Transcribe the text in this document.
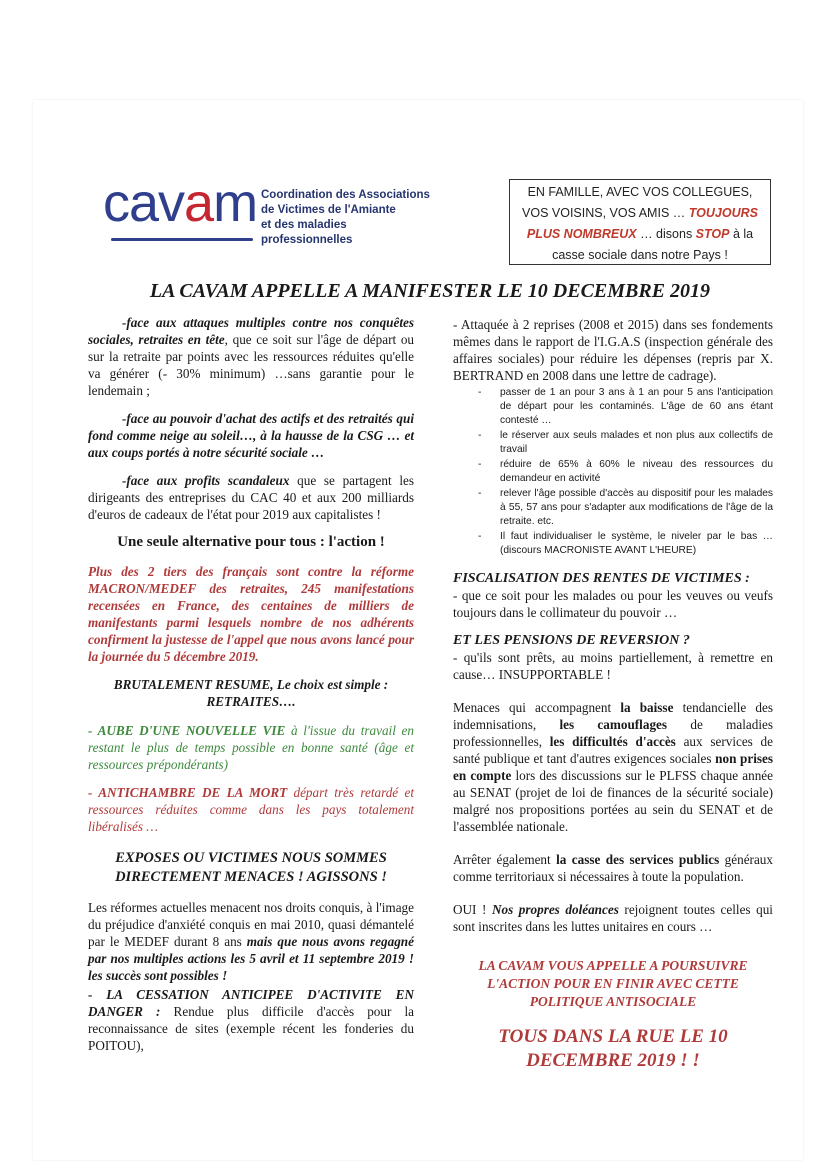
cavam Coordination des Associations
de Victimes de l'Amiante
et des maladies professionnelles
EN FAMILLE, AVEC VOS COLLEGUES, VOS VOISINS, VOS AMIS … TOUJOURS PLUS NOMBREUX … disons STOP à la casse sociale dans notre Pays !
LA CAVAM APPELLE A MANIFESTER LE 10 DECEMBRE 2019

-face aux attaques multiples contre nos conquêtes sociales, retraites en tête, que ce soit sur l'âge de départ ou sur la retraite par points avec les ressources réduites qu'elle va générer (- 30% minimum) …sans garantie pour le lendemain ;

-face au pouvoir d'achat des actifs et des retraités qui fond comme neige au soleil…, à la hausse de la CSG … et aux coups portés à notre sécurité sociale …

-face aux profits scandaleux que se partagent les dirigeants des entreprises du CAC 40 et aux 200 milliards d'euros de cadeaux de l'état pour 2019 aux capitalistes !

Une seule alternative pour tous : l'action !

Plus des 2 tiers des français sont contre la réforme MACRON/MEDEF des retraites, 245 manifestations recensées en France, des centaines de milliers de manifestants parmi lesquels nombre de nos adhérents confirment la justesse de l'appel que nous avons lancé pour la journée du 5 décembre 2019.

BRUTALEMENT RESUME, Le choix est simple :
RETRAITES….

- AUBE D'UNE NOUVELLE VIE à l'issue du travail en restant le plus de temps possible en bonne santé (âge et ressources prépondérants)

- ANTICHAMBRE DE LA MORT départ très retardé et ressources réduites comme dans les pays totalement libéralisés …

EXPOSES OU VICTIMES NOUS SOMMES
DIRECTEMENT MENACES ! AGISSONS !

Les réformes actuelles menacent nos droits conquis, à l'image du préjudice d'anxiété conquis en mai 2010, quasi démantelé par le MEDEF durant 8 ans mais que nous avons regagné par nos multiples actions les 5 avril et 11 septembre 2019 ! les succès sont possibles !

- LA CESSATION ANTICIPEE D'ACTIVITE EN DANGER : Rendue plus difficile d'accès pour la reconnaissance de sites (exemple récent les fonderies du POITOU),

- Attaquée à 2 reprises (2008 et 2015) dans ses fondements mêmes dans le rapport de l'I.G.A.S (inspection générale des affaires sociales) pour réduire les dépenses (repris par X. BERTRAND en 2008 dans une lettre de cadrage).

- passer de 1 an pour 3 ans à 1 an pour 5 ans l'anticipation de départ pour les contaminés. L'âge de 60 ans étant contesté …
- le réserver aux seuls malades et non plus aux collectifs de travail
- réduire de 65% à 60% le niveau des ressources du demandeur en activité
- relever l'âge possible d'accès au dispositif pour les malades à 55, 57 ans pour s'adapter aux modifications de l'âge de la retraite. etc.
- Il faut individualiser le système, le niveler par le bas … (discours MACRONISTE AVANT L'HEURE)
FISCALISATION DES RENTES DE VICTIMES :

- que ce soit pour les malades ou pour les veuves ou veufs toujours dans le collimateur du pouvoir …

ET LES PENSIONS DE REVERSION ?

- qu'ils sont prêts, au moins partiellement, à remettre en cause… INSUPPORTABLE !

Menaces qui accompagnent la baisse tendancielle des indemnisations, les camouflages de maladies professionnelles, les difficultés d'accès aux services de santé publique et tant d'autres exigences sociales non prises en compte lors des discussions sur le PLFSS chaque année au SENAT (projet de loi de finances de la sécurité sociale) malgré nos propositions portées au sein du SENAT et de l'assemblée nationale.

Arrêter également la casse des services publics généraux comme territoriaux si nécessaires à toute la population.

OUI ! Nos propres doléances rejoignent toutes celles qui sont inscrites dans les luttes unitaires en cours …

LA CAVAM VOUS APPELLE A POURSUIVRE L'ACTION POUR EN FINIR AVEC CETTE POLITIQUE ANTISOCIALE
TOUS DANS LA RUE LE 10 DECEMBRE 2019 ! !
